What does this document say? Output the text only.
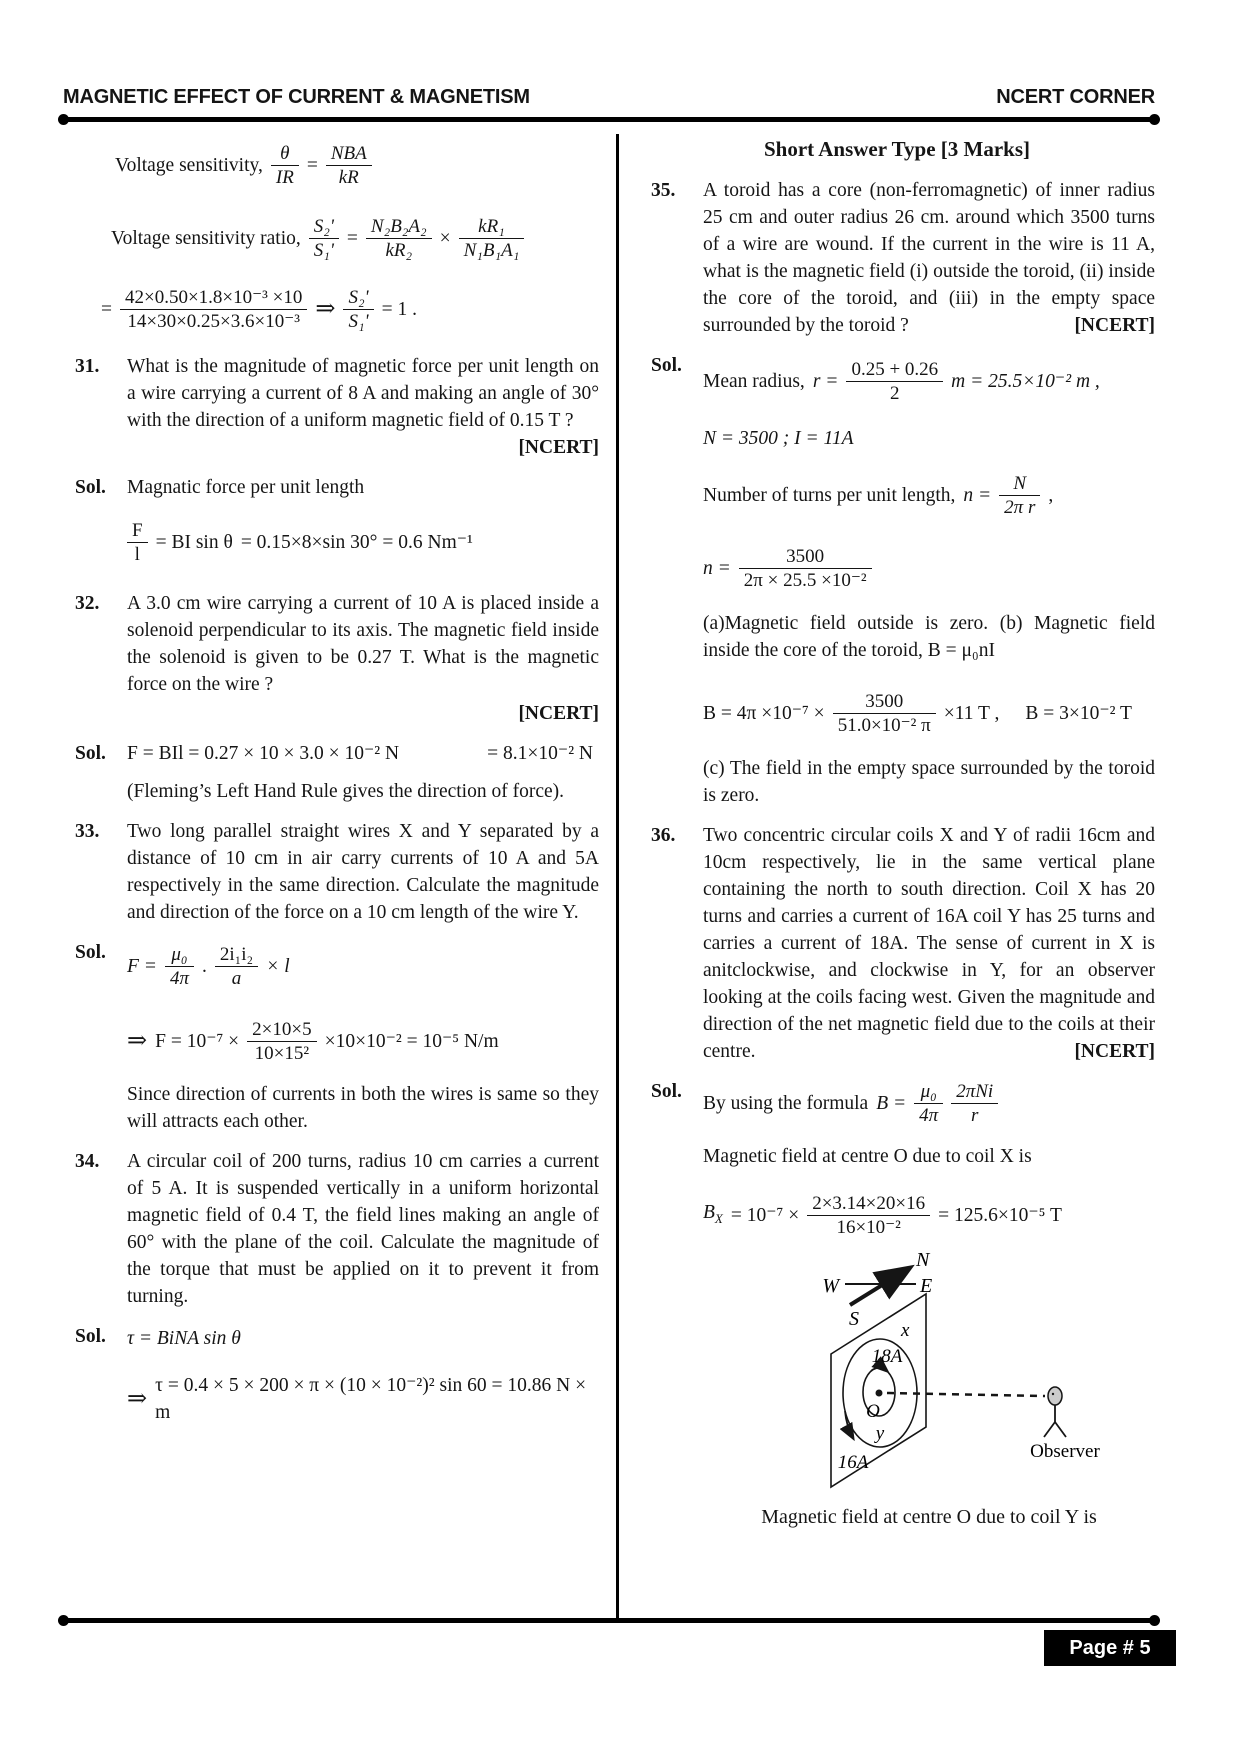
MAGNETIC EFFECT OF CURRENT & MAGNETISM	NCERT CORNER
Voltage sensitivity, $\frac{\theta}{IR} = \frac{\text{NBA}}{kR}$
Voltage sensitivity ratio, $\frac{\text{S₂'}}{\text{S₁'}} = \frac{\text{N₂B₂A₂}}{\text{kR₂}} \times \frac{\text{kR₁}}{\text{N₁B₁A₁}}$
= $\frac{\text{42×0.50×1.8×10⁻³ ×10}}{\text{14×30×0.25×3.6×10⁻³}}$ ⇒ $\frac{\text{S₂'}}{\text{S₁'}} = 1$ .
31.	What is the magnitude of magnetic force per unit length on a wire carrying a current of 8 A and making an angle of 30° with the direction of a uniform magnetic field of 0.15 T ?
[NCERT]
Sol.	Magnatic force per unit length
$\frac{F}{l}$ = BI sin θ = 0.15×8×sin 30° = 0.6 Nm⁻¹
32.	A 3.0 cm wire carrying a current of 10 A is placed inside a solenoid perpendicular to its axis. The magnetic field inside the solenoid is given to be 0.27 T. What is the magnetic force on the wire ?
[NCERT]
Sol.	F = BIl = 0.27 × 10 × 3.0 × 10⁻² N	= 8.1×10⁻² N
(Fleming’s Left Hand Rule gives the direction of force).
33.	Two long parallel straight wires X and Y separated by a distance of 10 cm in air carry currents of 10 A and 5A respectively in the same direction. Calculate the magnitude and direction of the force on a 10 cm length of the wire Y.
Sol.
$F = \frac{\text{μ₀}}{4\pi}$ . $\frac{\text{2i₁i₂}}{a} \times l$
⇒ $F = 10^{-7} \times \frac{2\times 10\times 5}{\text{10×15²}} \times 10\times 10^{-2} = 10^{-5}$ N/m
Since direction of currents in both the wires is same so they will attracts each other.
34.	A circular coil of 200 turns, radius 10 cm carries a current of 5 A. It is suspended vertically in a uniform horizontal magnetic field of 0.4 T, the field lines making an angle of 60° with the plane of the coil. Calculate the magnitude of the torque that must be applied on it to prevent it from turning.
Sol.	τ = BiNA sin θ
⇒ τ = 0.4 × 5 × 200 × π × (10 × 10⁻²)² sin 60 = 10.86 N × m
Short Answer Type [3 Marks]
35.	A toroid has a core (non-ferromagnetic) of inner radius 25 cm and outer radius 26 cm. around which 3500 turns of a wire are wound. If the current in the wire is 11 A, what is the magnetic field (i) outside the toroid, (ii) inside the core of the toroid, and (iii) in the empty space surrounded by the toroid ?	[NCERT]
Sol.
Mean radius, $r = \frac{0.25 + 0.26}{2}$ m = 25.5×10⁻² m ,
N = 3500 ; I = 11A
Number of turns per unit length, $n = \frac{N}{\text{2π r}}$ ,
$n = \frac{3500}{\text{2π × 25.5 ×10⁻²}}$
(a)Magnetic field outside is zero. (b) Magnetic field inside the core of the toroid, B = μ₀nI
$B = 4\pi \times 10^{-7} \times \frac{3500}{\text{51.0×10⁻² π}} \times 11$ T , B = 3×10⁻² T
(c) The field in the empty space surrounded by the toroid is zero.
36.	Two concentric circular coils X and Y of radii 16cm and 10cm respectively, lie in the same vertical plane containing the north to south direction. Coil X has 20 turns and carries a current of 16A coil Y has 25 turns and carries a current of 18A. The sense of current in X is anitclockwise, and clockwise in Y, for an observer looking at the coils facing west. Given the magnitude and direction of the net magnetic field due to the coils at their centre.	[NCERT]
Sol.
By using the formula $B = \frac{\text{μ₀}}{4\pi} \frac{\text{2πNi}}{r}$
Magnetic field at centre O due to coil X is
$B_X = 10^{-7} \times \frac{2\times 3.14\times 20\times 16}{\text{16×10⁻²}} = 125.6\times 10^{-5}$ T
W	E
N
S
x
18A
O
y
16A
Observer
Magnetic field at centre O due to coil Y is
Page # 5
